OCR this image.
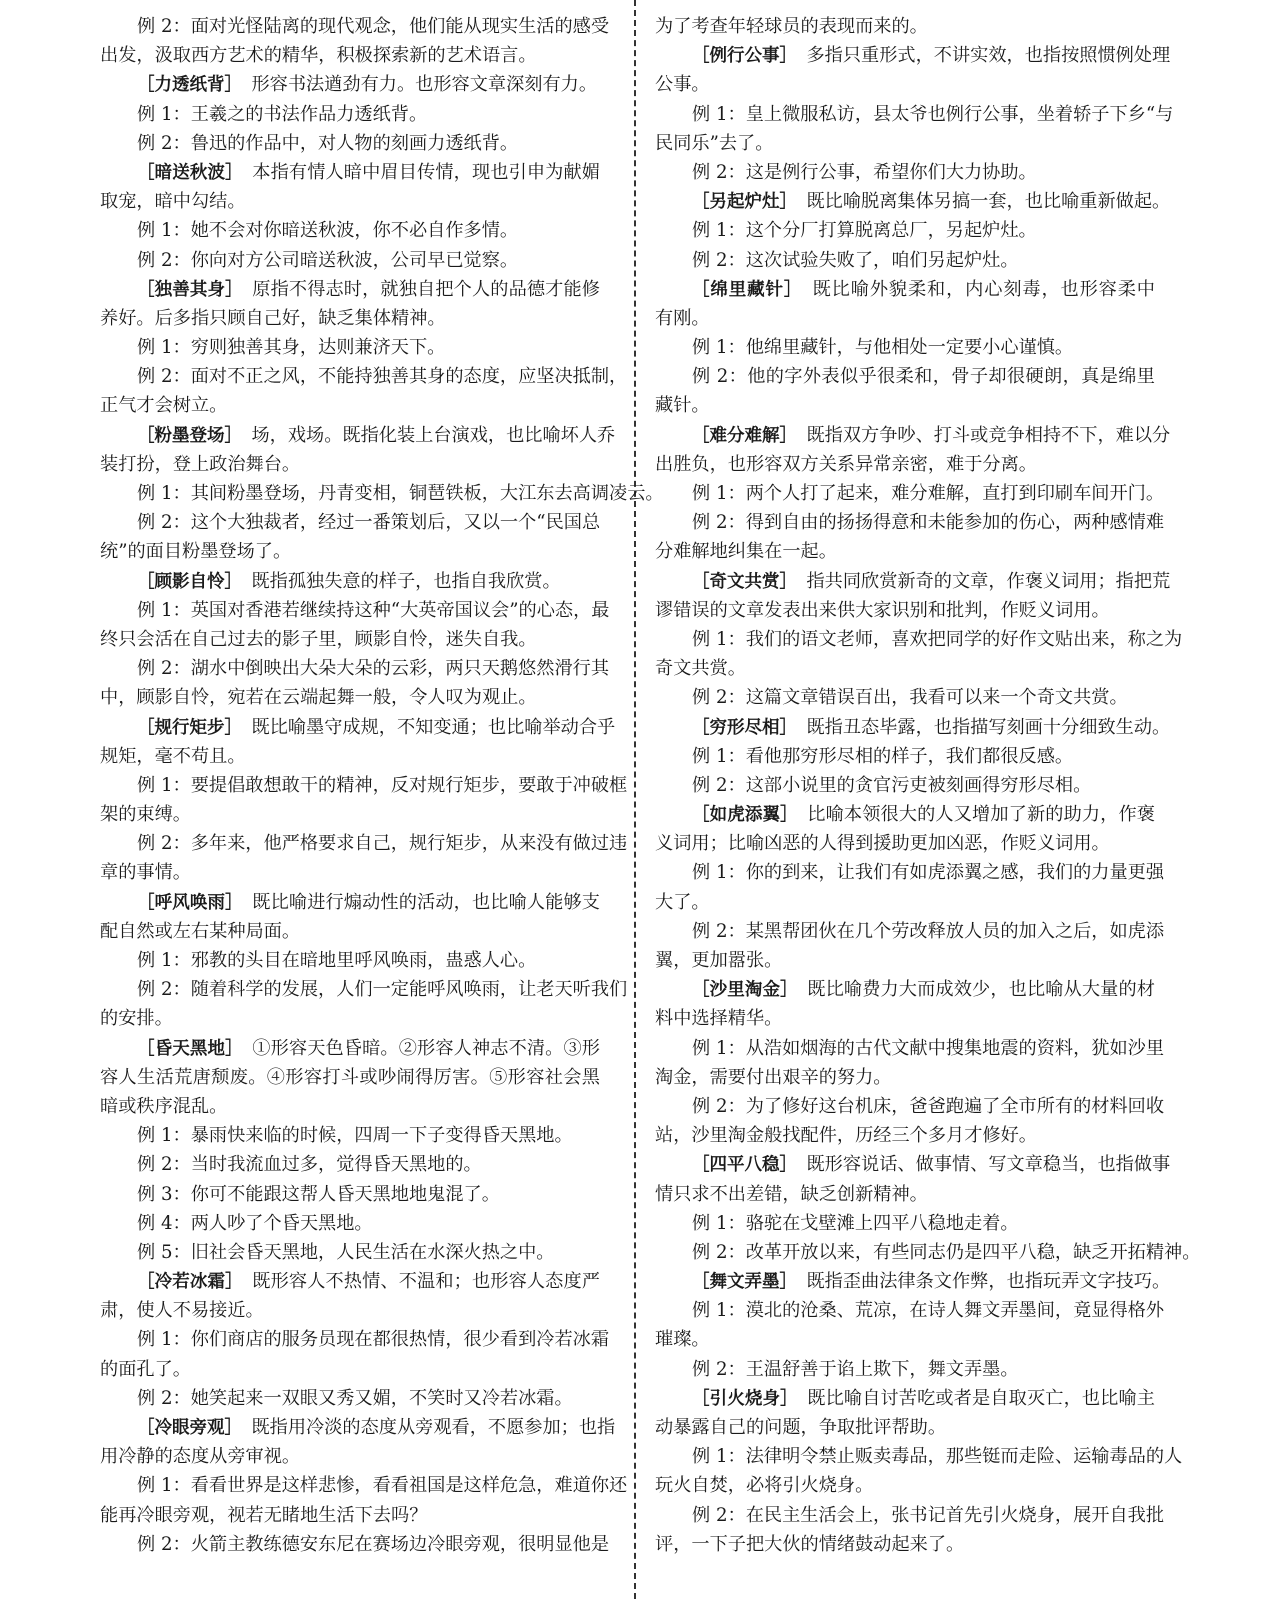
例 2：面对光怪陆离的现代观念，他们能从现实生活的感受
出发，汲取西方艺术的精华，积极探索新的艺术语言。
［力透纸背］　形容书法遒劲有力。也形容文章深刻有力。
例 1：王羲之的书法作品力透纸背。
例 2：鲁迅的作品中，对人物的刻画力透纸背。
［暗送秋波］　本指有情人暗中眉目传情，现也引申为献媚
取宠，暗中勾结。
例 1：她不会对你暗送秋波，你不必自作多情。
例 2：你向对方公司暗送秋波，公司早已觉察。
［独善其身］　原指不得志时，就独自把个人的品德才能修
养好。后多指只顾自己好，缺乏集体精神。
例 1：穷则独善其身，达则兼济天下。
例 2：面对不正之风，不能持独善其身的态度，应坚决抵制，
正气才会树立。
［粉墨登场］　场，戏场。既指化装上台演戏，也比喻坏人乔
装打扮，登上政治舞台。
例 1：其间粉墨登场，丹青变相，铜琶铁板，大江东去高调凌云。
例 2：这个大独裁者，经过一番策划后，又以一个“民国总
统”的面目粉墨登场了。
［顾影自怜］　既指孤独失意的样子，也指自我欣赏。
例 1：英国对香港若继续持这种“大英帝国议会”的心态，最
终只会活在自己过去的影子里，顾影自怜，迷失自我。
例 2：湖水中倒映出大朵大朵的云彩，两只天鹅悠然滑行其
中，顾影自怜，宛若在云端起舞一般，令人叹为观止。
［规行矩步］　既比喻墨守成规，不知变通；也比喻举动合乎
规矩，毫不苟且。
例 1：要提倡敢想敢干的精神，反对规行矩步，要敢于冲破框
架的束缚。
例 2：多年来，他严格要求自己，规行矩步，从来没有做过违
章的事情。
［呼风唤雨］　既比喻进行煽动性的活动，也比喻人能够支
配自然或左右某种局面。
例 1：邪教的头目在暗地里呼风唤雨，蛊惑人心。
例 2：随着科学的发展，人们一定能呼风唤雨，让老天听我们
的安排。
［昏天黑地］　①形容天色昏暗。②形容人神志不清。③形
容人生活荒唐颓废。④形容打斗或吵闹得厉害。⑤形容社会黑
暗或秩序混乱。
例 1：暴雨快来临的时候，四周一下子变得昏天黑地。
例 2：当时我流血过多，觉得昏天黑地的。
例 3：你可不能跟这帮人昏天黑地地鬼混了。
例 4：两人吵了个昏天黑地。
例 5：旧社会昏天黑地，人民生活在水深火热之中。
［冷若冰霜］　既形容人不热情、不温和；也形容人态度严
肃，使人不易接近。
例 1：你们商店的服务员现在都很热情，很少看到冷若冰霜
的面孔了。
例 2：她笑起来一双眼又秀又媚，不笑时又冷若冰霜。
［冷眼旁观］　既指用冷淡的态度从旁观看，不愿参加；也指
用冷静的态度从旁审视。
例 1：看看世界是这样悲惨，看看祖国是这样危急，难道你还
能再冷眼旁观，视若无睹地生活下去吗？
例 2：火箭主教练德安东尼在赛场边冷眼旁观，很明显他是
为了考查年轻球员的表现而来的。
［例行公事］　多指只重形式，不讲实效，也指按照惯例处理
公事。
例 1：皇上微服私访，县太爷也例行公事，坐着轿子下乡“与
民同乐”去了。
例 2：这是例行公事，希望你们大力协助。
［另起炉灶］　既比喻脱离集体另搞一套，也比喻重新做起。
例 1：这个分厂打算脱离总厂，另起炉灶。
例 2：这次试验失败了，咱们另起炉灶。
［绵里藏针］　既比喻外貌柔和，内心刻毒，也形容柔中
有刚。
例 1：他绵里藏针，与他相处一定要小心谨慎。
例 2：他的字外表似乎很柔和，骨子却很硬朗，真是绵里
藏针。
［难分难解］　既指双方争吵、打斗或竞争相持不下，难以分
出胜负，也形容双方关系异常亲密，难于分离。
例 1：两个人打了起来，难分难解，直打到印刷车间开门。
例 2：得到自由的扬扬得意和未能参加的伤心，两种感情难
分难解地纠集在一起。
［奇文共赏］　指共同欣赏新奇的文章，作褒义词用；指把荒
谬错误的文章发表出来供大家识别和批判，作贬义词用。
例 1：我们的语文老师，喜欢把同学的好作文贴出来，称之为
奇文共赏。
例 2：这篇文章错误百出，我看可以来一个奇文共赏。
［穷形尽相］　既指丑态毕露，也指描写刻画十分细致生动。
例 1：看他那穷形尽相的样子，我们都很反感。
例 2：这部小说里的贪官污吏被刻画得穷形尽相。
［如虎添翼］　比喻本领很大的人又增加了新的助力，作褒
义词用；比喻凶恶的人得到援助更加凶恶，作贬义词用。
例 1：你的到来，让我们有如虎添翼之感，我们的力量更强
大了。
例 2：某黑帮团伙在几个劳改释放人员的加入之后，如虎添
翼，更加嚣张。
［沙里淘金］　既比喻费力大而成效少，也比喻从大量的材
料中选择精华。
例 1：从浩如烟海的古代文献中搜集地震的资料，犹如沙里
淘金，需要付出艰辛的努力。
例 2：为了修好这台机床，爸爸跑遍了全市所有的材料回收
站，沙里淘金般找配件，历经三个多月才修好。
［四平八稳］　既形容说话、做事情、写文章稳当，也指做事
情只求不出差错，缺乏创新精神。
例 1：骆驼在戈壁滩上四平八稳地走着。
例 2：改革开放以来，有些同志仍是四平八稳，缺乏开拓精神。
［舞文弄墨］　既指歪曲法律条文作弊，也指玩弄文字技巧。
例 1：漠北的沧桑、荒凉，在诗人舞文弄墨间，竟显得格外
璀璨。
例 2：王温舒善于谄上欺下，舞文弄墨。
［引火烧身］　既比喻自讨苦吃或者是自取灭亡，也比喻主
动暴露自己的问题，争取批评帮助。
例 1：法律明令禁止贩卖毒品，那些铤而走险、运输毒品的人
玩火自焚，必将引火烧身。
例 2：在民主生活会上，张书记首先引火烧身，展开自我批
评，一下子把大伙的情绪鼓动起来了。
